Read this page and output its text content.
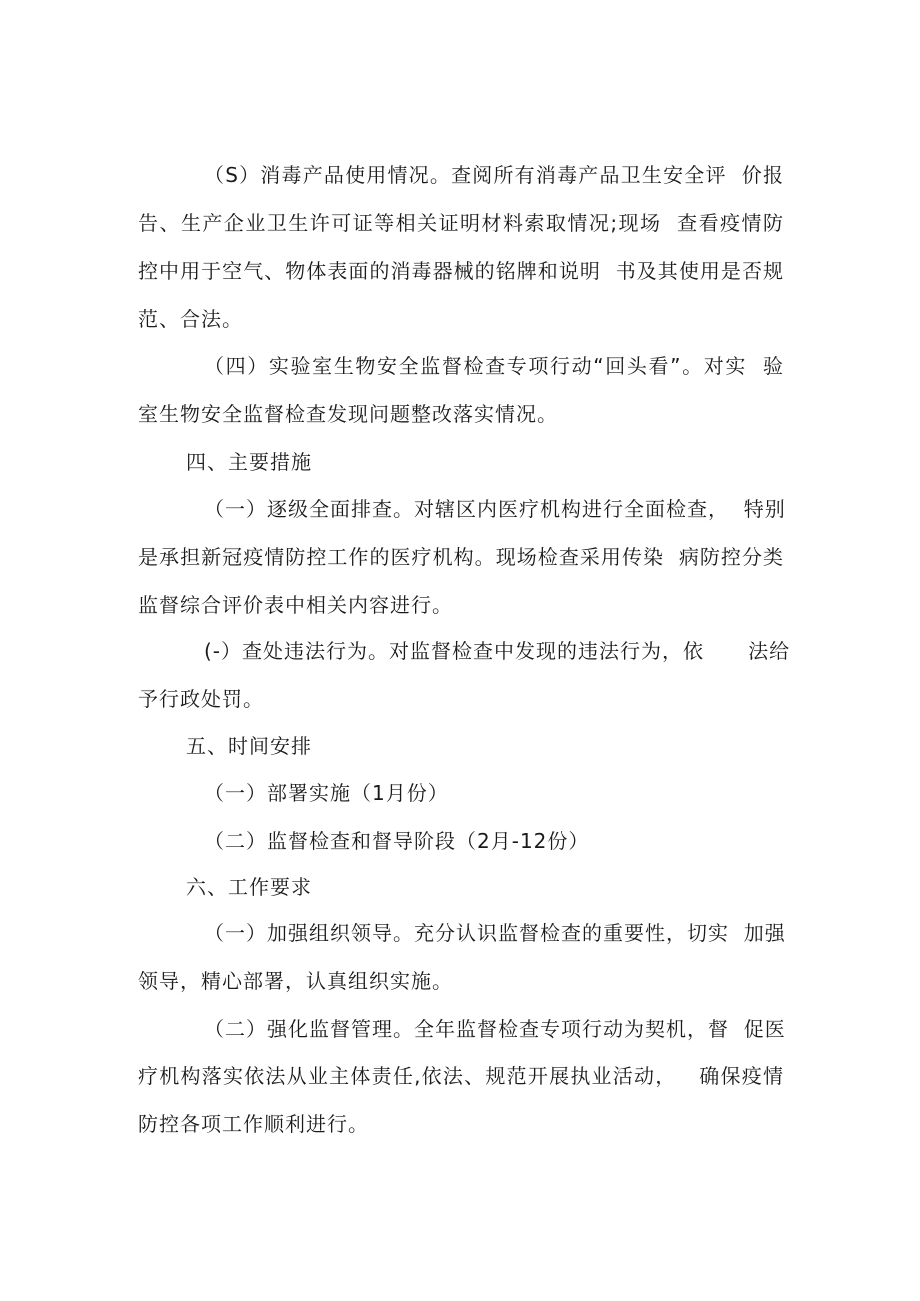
（S）消毒产品使用情况。查阅所有消毒产品卫生安全评  价报
告、生产企业卫生许可证等相关证明材料索取情况;现场  查看疫情防
控中用于空气、物体表面的消毒器械的铭牌和说明  书及其使用是否规
范、合法。
（四）实验室生物安全监督检查专项行动“回头看”。对实  验
室生物安全监督检查发现问题整改落实情况。
四、主要措施
（一）逐级全面排查。对辖区内医疗机构进行全面检查，  特别
是承担新冠疫情防控工作的医疗机构。现场检查采用传染  病防控分类
监督综合评价表中相关内容进行。
(-）查处违法行为。对监督检查中发现的违法行为，依      法给
予行政处罚。
五、时间安排
（一）部署实施（1月份）
（二）监督检查和督导阶段（2月-12份）
六、工作要求
（一）加强组织领导。充分认识监督检查的重要性，切实  加强
领导，精心部署，认真组织实施。
（二）强化监督管理。全年监督检查专项行动为契机，督  促医
疗机构落实依法从业主体责任,依法、规范开展执业活动，   确保疫情
防控各项工作顺利进行。
